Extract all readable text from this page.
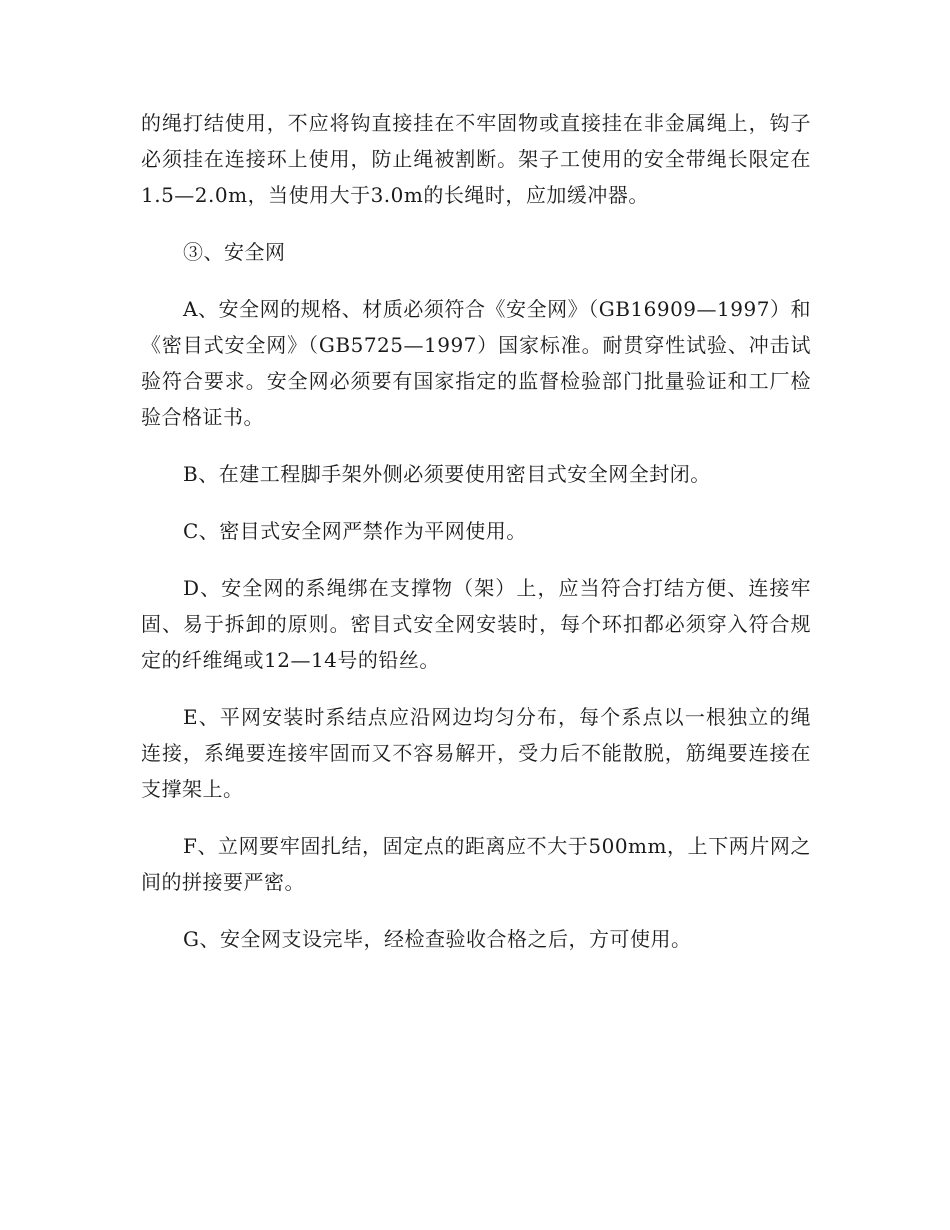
的绳打结使用，不应将钩直接挂在不牢固物或直接挂在非金属绳上，钩子必须挂在连接环上使用，防止绳被割断。架子工使用的安全带绳长限定在1.5—2.0m，当使用大于3.0m的长绳时，应加缓冲器。

③、安全网

A、安全网的规格、材质必须符合《安全网》（GB16909—1997）和《密目式安全网》（GB5725—1997）国家标准。耐贯穿性试验、冲击试验符合要求。安全网必须要有国家指定的监督检验部门批量验证和工厂检验合格证书。

B、在建工程脚手架外侧必须要使用密目式安全网全封闭。

C、密目式安全网严禁作为平网使用。

D、安全网的系绳绑在支撑物（架）上，应当符合打结方便、连接牢固、易于拆卸的原则。密目式安全网安装时，每个环扣都必须穿入符合规定的纤维绳或12—14号的铅丝。

E、平网安装时系结点应沿网边均匀分布，每个系点以一根独立的绳连接，系绳要连接牢固而又不容易解开，受力后不能散脱，筋绳要连接在支撑架上。

F、立网要牢固扎结，固定点的距离应不大于500mm，上下两片网之间的拼接要严密。

G、安全网支设完毕，经检查验收合格之后，方可使用。
